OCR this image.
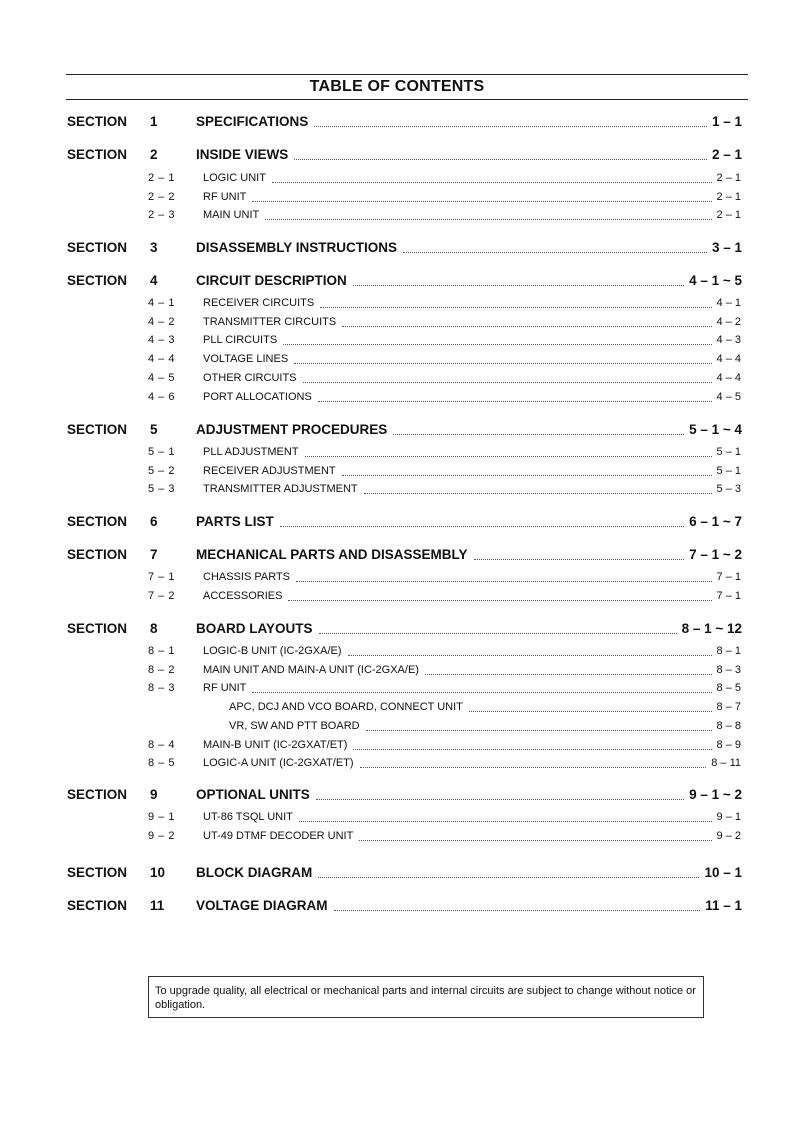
TABLE OF CONTENTS
SECTION 1	SPECIFICATIONS	1 – 1
SECTION 2	INSIDE VIEWS	2 – 1
2 – 1	LOGIC UNIT	2 – 1
2 – 2	RF UNIT	2 – 1
2 – 3	MAIN UNIT	2 – 1
SECTION 3	DISASSEMBLY INSTRUCTIONS	3 – 1
SECTION 4	CIRCUIT DESCRIPTION	4 – 1 ~ 5
4 – 1	RECEIVER CIRCUITS	4 – 1
4 – 2	TRANSMITTER CIRCUITS	4 – 2
4 – 3	PLL CIRCUITS	4 – 3
4 – 4	VOLTAGE LINES	4 – 4
4 – 5	OTHER CIRCUITS	4 – 4
4 – 6	PORT ALLOCATIONS	4 – 5
SECTION 5	ADJUSTMENT PROCEDURES	5 – 1 ~ 4
5 – 1	PLL ADJUSTMENT	5 – 1
5 – 2	RECEIVER ADJUSTMENT	5 – 1
5 – 3	TRANSMITTER ADJUSTMENT	5 – 3
SECTION 6	PARTS LIST	6 – 1 ~ 7
SECTION 7	MECHANICAL PARTS AND DISASSEMBLY	7 – 1 ~ 2
7 – 1	CHASSIS PARTS	7 – 1
7 – 2	ACCESSORIES	7 – 1
SECTION 8	BOARD LAYOUTS	8 – 1 ~ 12
8 – 1	LOGIC-B UNIT (IC-2GXA/E)	8 – 1
8 – 2	MAIN UNIT AND MAIN-A UNIT (IC-2GXA/E)	8 – 3
8 – 3	RF UNIT	8 – 5
APC, DCJ AND VCO BOARD, CONNECT UNIT	8 – 7
VR, SW AND PTT BOARD	8 – 8
8 – 4	MAIN-B UNIT (IC-2GXAT/ET)	8 – 9
8 – 5	LOGIC-A UNIT (IC-2GXAT/ET)	8 – 11
SECTION 9	OPTIONAL UNITS	9 – 1 ~ 2
9 – 1	UT-86 TSQL UNIT	9 – 1
9 – 2	UT-49 DTMF DECODER UNIT	9 – 2
SECTION 10 BLOCK DIAGRAM	10 – 1
SECTION 11 VOLTAGE DIAGRAM	11 – 1
To upgrade quality, all electrical or mechanical parts and internal circuits are subject to change without notice or obligation.
